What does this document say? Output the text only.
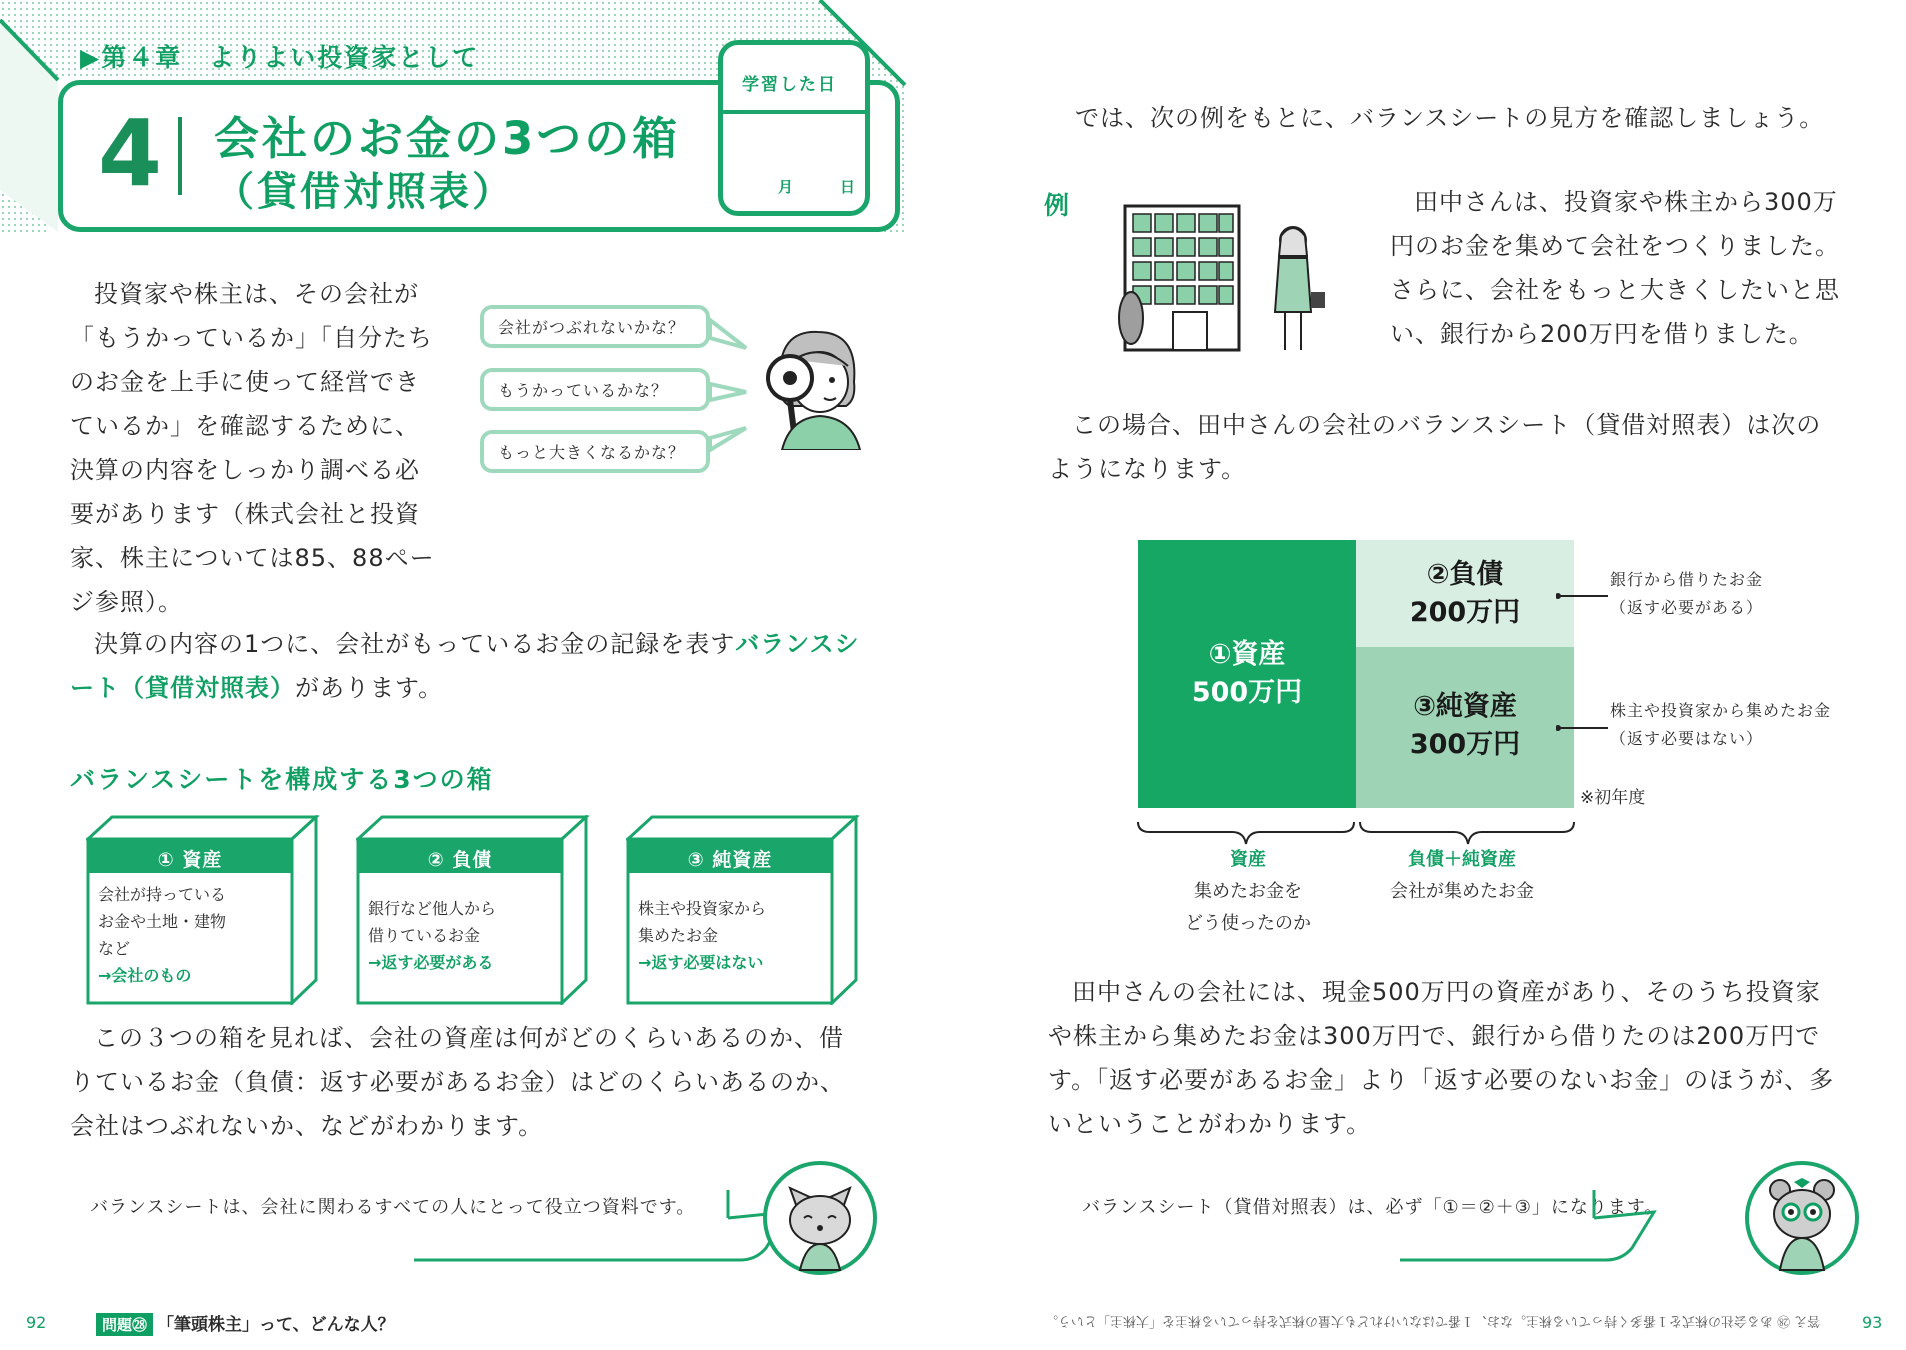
▶第４章　よりよい投資家として
4 会社のお金の3つの箱
（貸借対照表）
学習した日
月	日
投資家や株主は、その会社が
「もうかっているか」「自分たち
のお金を上手に使って経営でき
ているか」を確認するために、
決算の内容をしっかり調べる必
要があります（株式会社と投資
家、株主については85、88ペー
ジ参照）。
会社がつぶれないかな？
もうかっているかな？
もっと大きくなるかな？
決算の内容の1つに、会社がもっているお金の記録を表すバランスシート（貸借対照表）があります。
バランスシートを構成する3つの箱
① 資産
会社が持っている
お金や土地・建物
など
→会社のもの
② 負債
銀行など他人から
借りているお金
→返す必要がある
③ 純資産
株主や投資家から
集めたお金
→返す必要はない
この３つの箱を見れば、会社の資産は何がどのくらいあるのか、借
りているお金（負債：返す必要があるお金）はどのくらいあるのか、
会社はつぶれないか、などがわかります。
バランスシートは、会社に関わるすべての人にとって役立つ資料です。
92	問題㉘ 「筆頭株主」って、どんな人？
では、次の例をもとに、バランスシートの見方を確認しましょう。
例	田中さんは、投資家や株主から300万
円のお金を集めて会社をつくりました。
さらに、会社をもっと大きくしたいと思
い、銀行から200万円を借りました。
この場合、田中さんの会社のバランスシート（貸借対照表）は次の
ようになります。
①資産
500万円
②負債
200万円
③純資産
300万円
銀行から借りたお金
（返す必要がある）
株主や投資家から集めたお金
（返す必要はない）
※初年度
資産
集めたお金を
どう使ったのか
負債＋純資産
会社が集めたお金
田中さんの会社には、現金500万円の資産があり、そのうち投資家
や株主から集めたお金は300万円で、銀行から借りたのは200万円で
す。「返す必要があるお金」より「返す必要のないお金」のほうが、多
いということがわかります。
バランスシート（貸借対照表）は、必ず「①＝②＋③」になります。
答え ㉘ ある会社の株式を１番多く持っている株主。なお、１番ではないけれども大量の株式を持っている株主を「大株主」という。	93
